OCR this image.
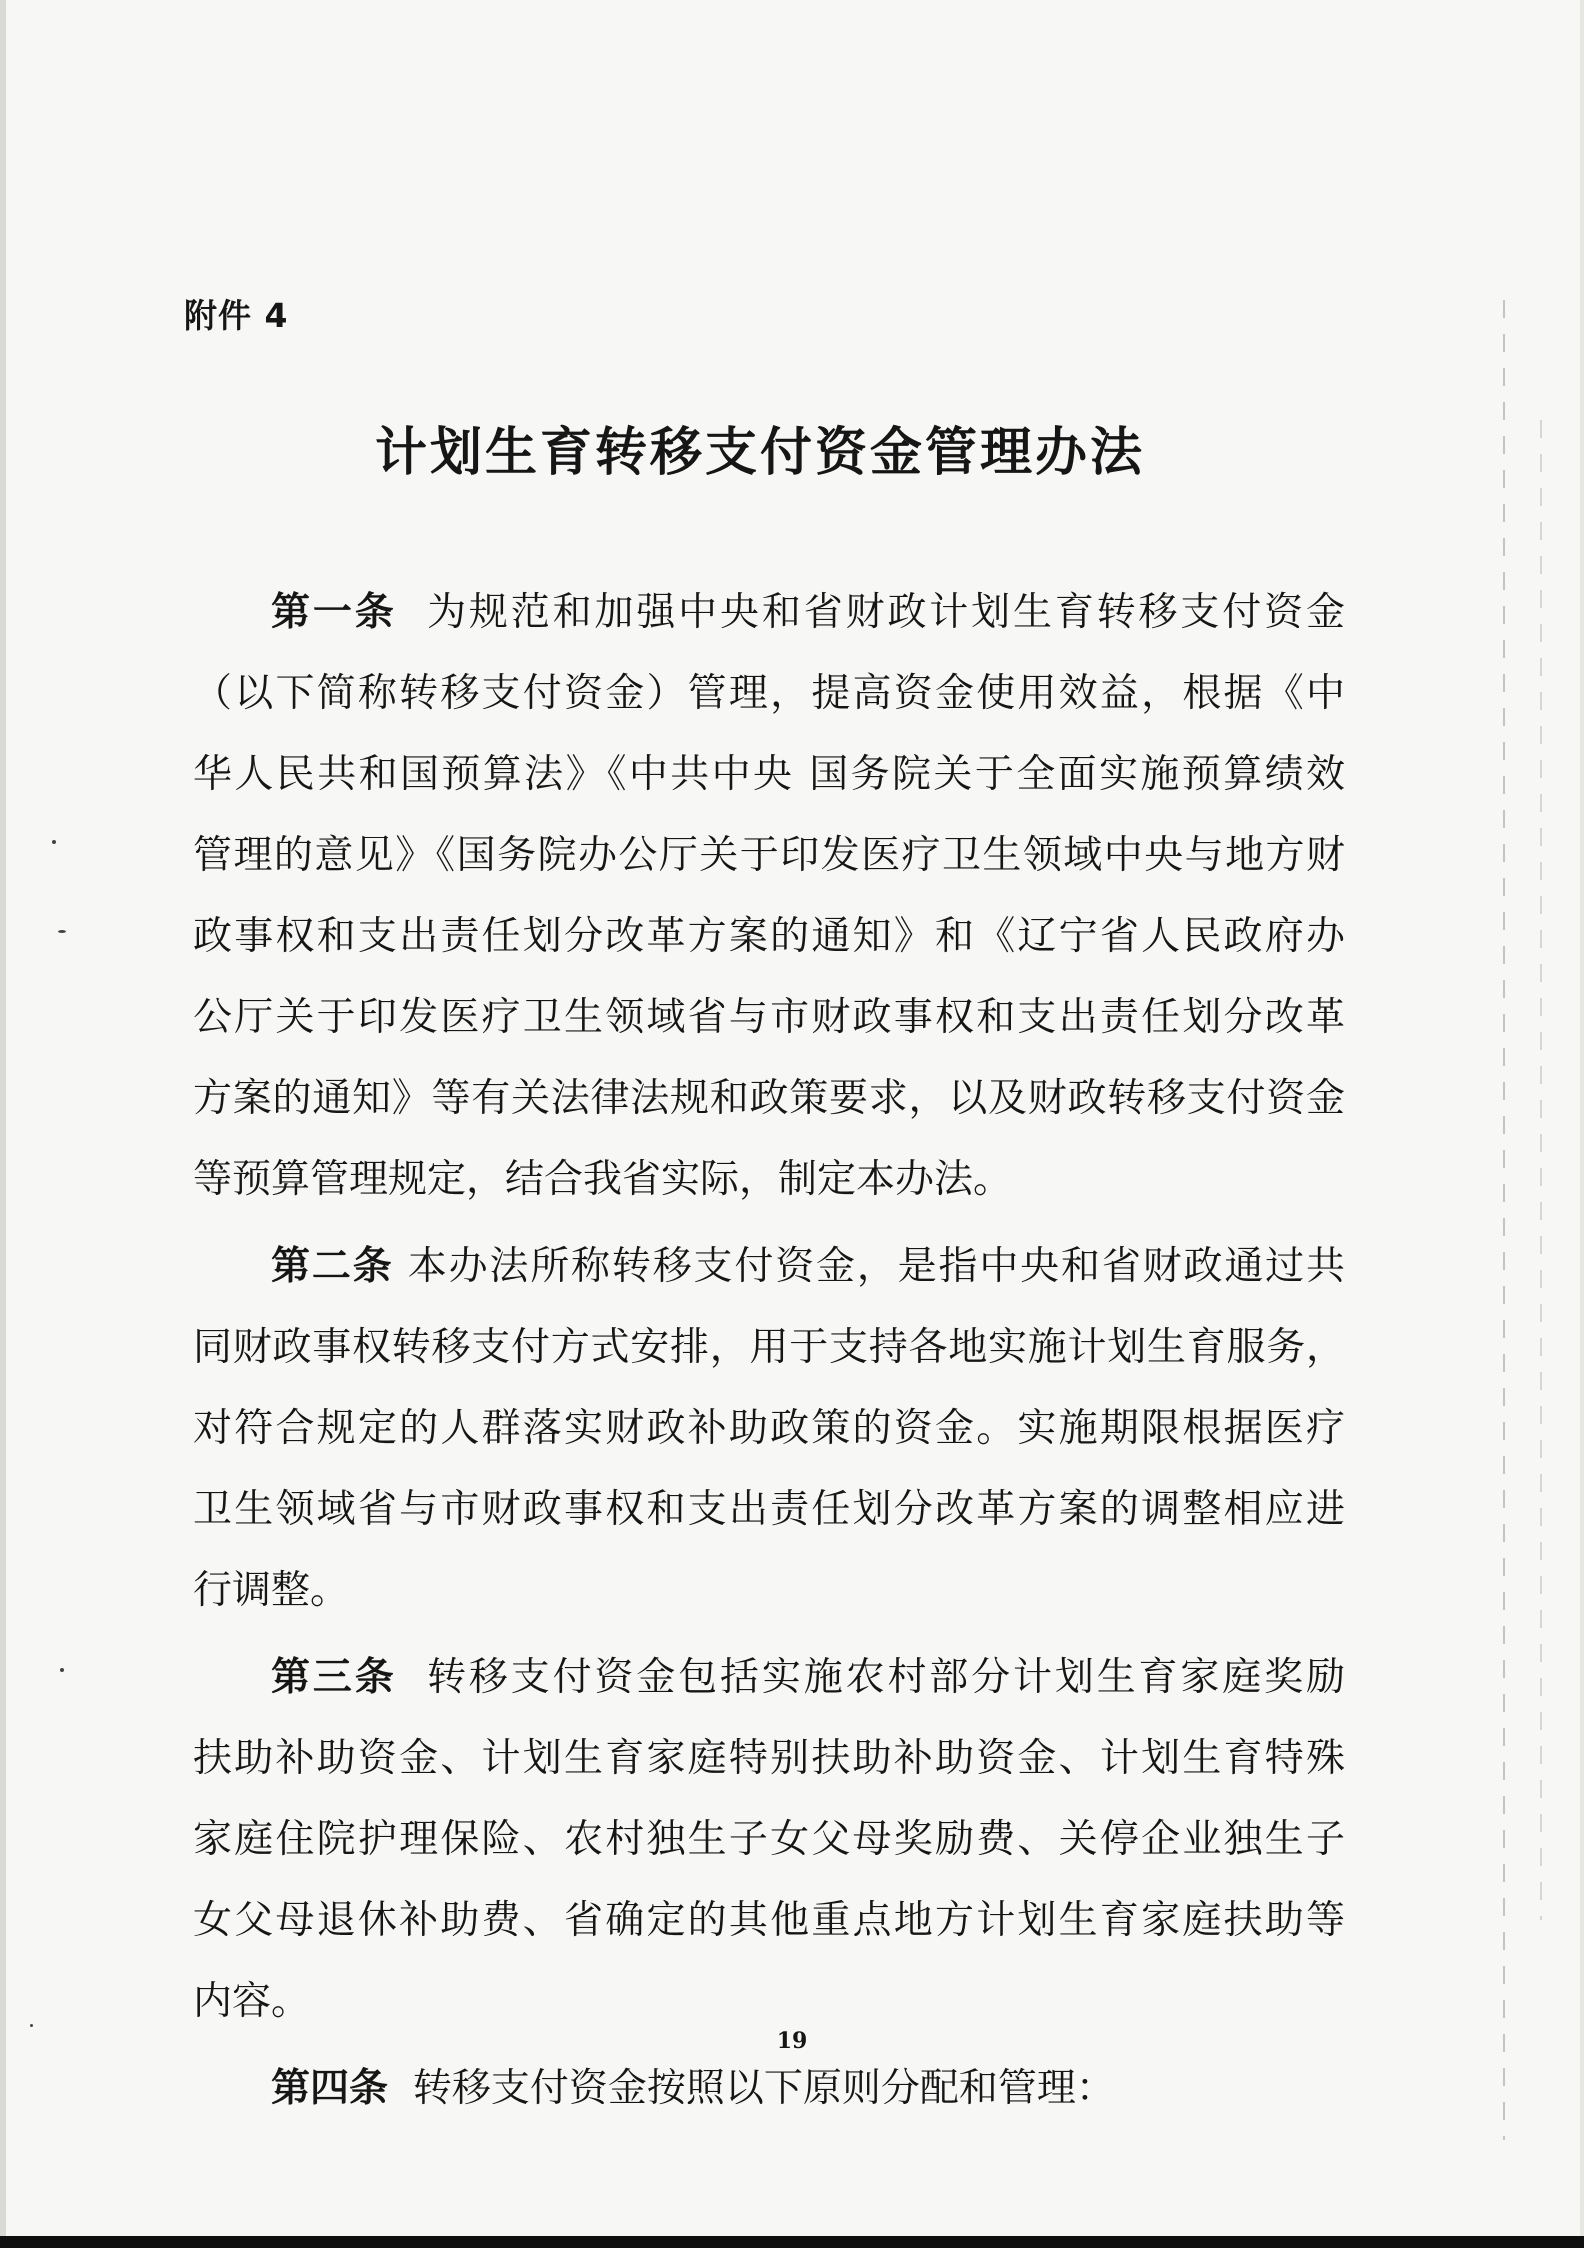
附件 4
计划生育转移支付资金管理办法
第一条 为规范和加强中央和省财政计划生育转移支付资金
（以下简称转移支付资金）管理，提高资金使用效益，根据《中
华人民共和国预算法》《中共中央 国务院关于全面实施预算绩效
管理的意见》《国务院办公厅关于印发医疗卫生领域中央与地方财
政事权和支出责任划分改革方案的通知》和《辽宁省人民政府办
公厅关于印发医疗卫生领域省与市财政事权和支出责任划分改革
方案的通知》等有关法律法规和政策要求，以及财政转移支付资金
等预算管理规定，结合我省实际，制定本办法。
第二条 本办法所称转移支付资金，是指中央和省财政通过共
同财政事权转移支付方式安排，用于支持各地实施计划生育服务，
对符合规定的人群落实财政补助政策的资金。实施期限根据医疗
卫生领域省与市财政事权和支出责任划分改革方案的调整相应进
行调整。
第三条 转移支付资金包括实施农村部分计划生育家庭奖励
扶助补助资金、计划生育家庭特别扶助补助资金、计划生育特殊
家庭住院护理保险、农村独生子女父母奖励费、关停企业独生子
女父母退休补助费、省确定的其他重点地方计划生育家庭扶助等
内容。
第四条 转移支付资金按照以下原则分配和管理：
19
